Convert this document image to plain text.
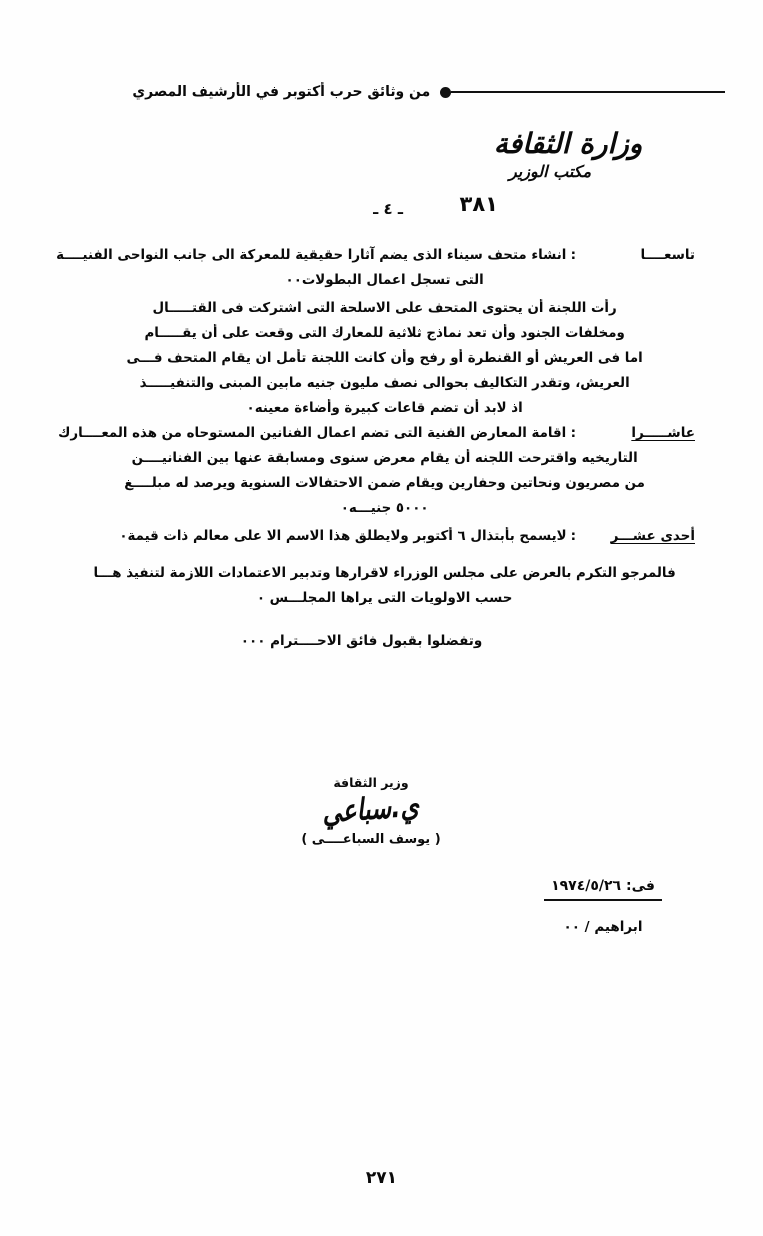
من وثائق حرب أكتوبر في الأرشيف المصري
وزارة الثقافة
مكتب الوزير
٣٨١
ـ ٤ ـ
تاسعــــا
:
انشاء متحف سيناء الذى يضم آثارا حقيقية للمعركة الى جانب النواحى الفنيــــة
التى تسجل اعمال البطولات٠٠
رأت اللجنة أن يحتوى المتحف على الاسلحة التى اشتركت فى القتـــــال
ومخلفات الجنود وأن تعد نماذج ثلاثية للمعارك التى وقعت على أن يقـــــام
اما فى العريش أو القنطرة أو رفح وأن كانت اللجنة تأمل ان يقام المتحف فـــى
العريش، وتقدر التكاليف بحوالى نصف مليون جنيه مابين المبنى والتنفيـــــذ
اذ لابد أن تضم قاعات كبيرة وأضاءة معينه٠
عاشـــــرا
:
اقامة المعارض الفنية التى تضم اعمال الفنانين المستوحاه من هذه المعــــارك
التاريخيه واقترحت اللجنه أن يقام معرض سنوى ومسابقة عنها بين الفنانيــــن
من مصريون ونحاتين وحفارين ويقام ضمن الاحتفالات السنوية ويرصد له مبلــــغ
٥٠٠٠ جنيـــه٠
أحدى عشـــر
:
لايسمح بأبتذال ٦ أكتوبر ولايطلق هذا الاسم الا على معالم ذات قيمة٠
فالمرجو التكرم بالعرض على مجلس الوزراء لاقرارها وتدبير الاعتمادات اللازمة لتنفيذ هـــا
حسب الاولويات التى يراها المجلـــس ٠
وتفضلوا بقبول فائق الاحــــترام ٠٠٠
وزير الثقافة
ي.سباعي
( يوسف السباعــــى )
فى: ١٩٧٤/٥/٢٦
ابراهيم / ٠٠
٢٧١
